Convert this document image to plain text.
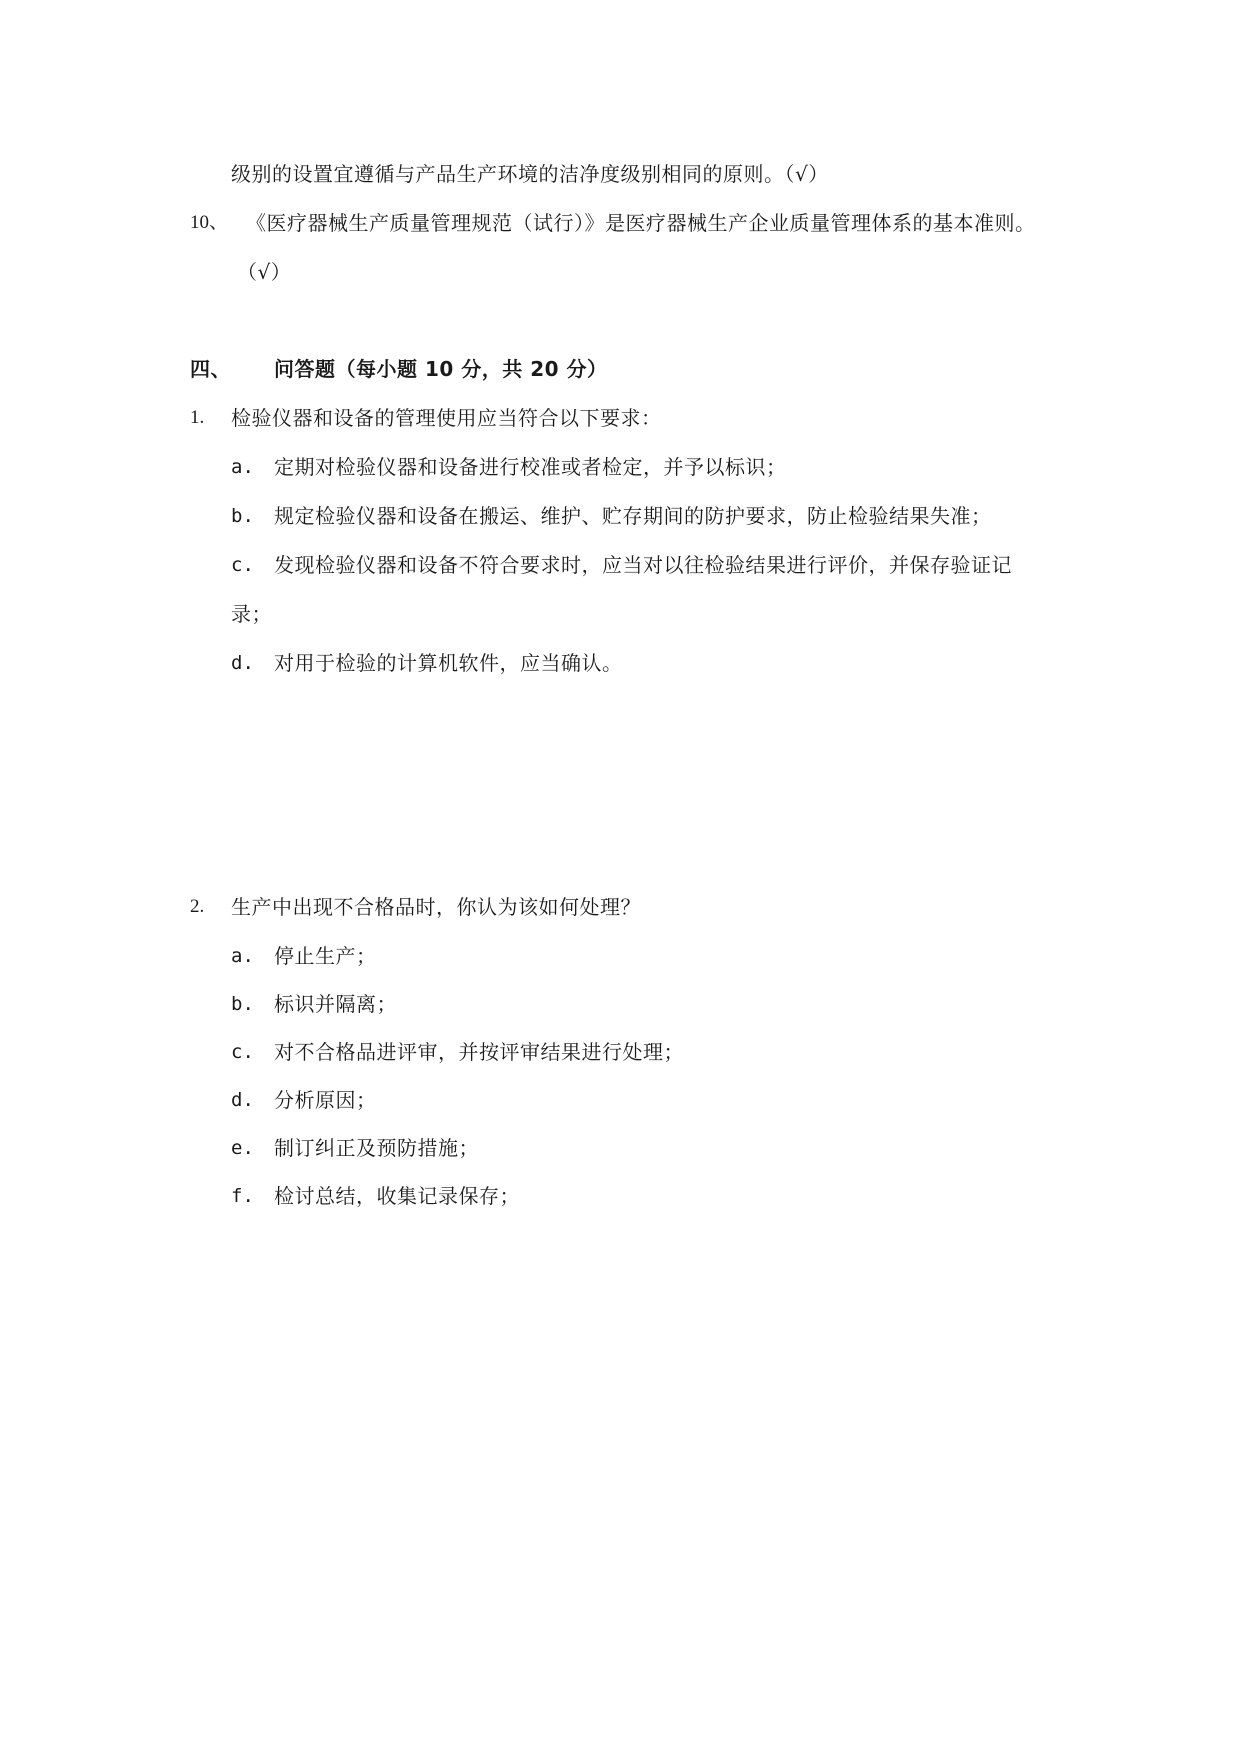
级别的设置宜遵循与产品生产环境的洁净度级别相同的原则。（√）
10、 《医疗器械生产质量管理规范（试行）》是医疗器械生产企业质量管理体系的基本准则。
（√）
四、 问答题（每小题 10 分，共 20 分）
1. 检验仪器和设备的管理使用应当符合以下要求：
a. 定期对检验仪器和设备进行校准或者检定，并予以标识；
b. 规定检验仪器和设备在搬运、维护、贮存期间的防护要求，防止检验结果失准；
c. 发现检验仪器和设备不符合要求时，应当对以往检验结果进行评价，并保存验证记
录；
d. 对用于检验的计算机软件，应当确认。
2. 生产中出现不合格品时，你认为该如何处理？
a. 停止生产；
b. 标识并隔离；
c. 对不合格品进评审，并按评审结果进行处理；
d. 分析原因；
e. 制订纠正及预防措施；
f. 检讨总结，收集记录保存；
